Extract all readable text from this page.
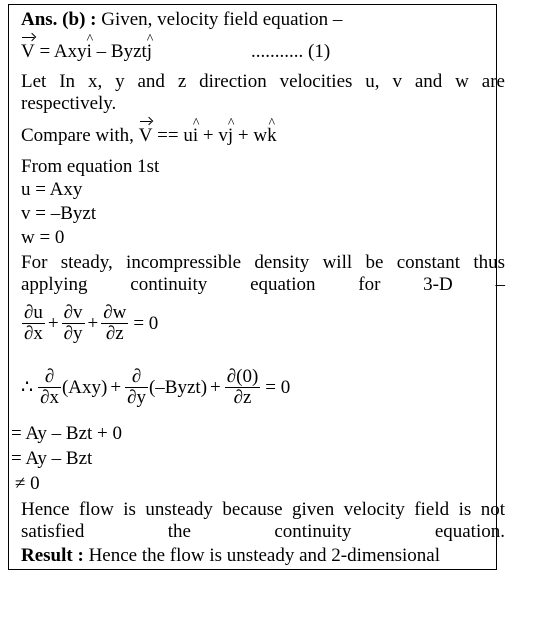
Ans. (b) : Given, velocity field equation –
V = Axyi ^ – Byztj ^	........... (1)
Let In x, y and z direction velocities u, v and w are respectively.
Compare with, V == ui ^ + vj ^ + wk ^
From equation 1st
u = Axy
v = –Byzt
w = 0
For steady, incompressible density will be constant thus applying continuity equation for 3-D –
$\frac{\partial u}{\partial x} + \frac{\partial v}{\partial y} + \frac{\partial w}{\partial z} = 0$
∴ $\frac{\partial}{\partial x} (Axy) + \frac{\partial}{\partial y}$ (–Byzt) + $\frac{\partial(0)}{\partial z} = 0$
= Ay – Bzt + 0
= Ay – Bzt
≠ 0
Hence flow is unsteady because given velocity field is not satisfied the continuity equation.
Result : Hence the flow is unsteady and 2-dimensional
